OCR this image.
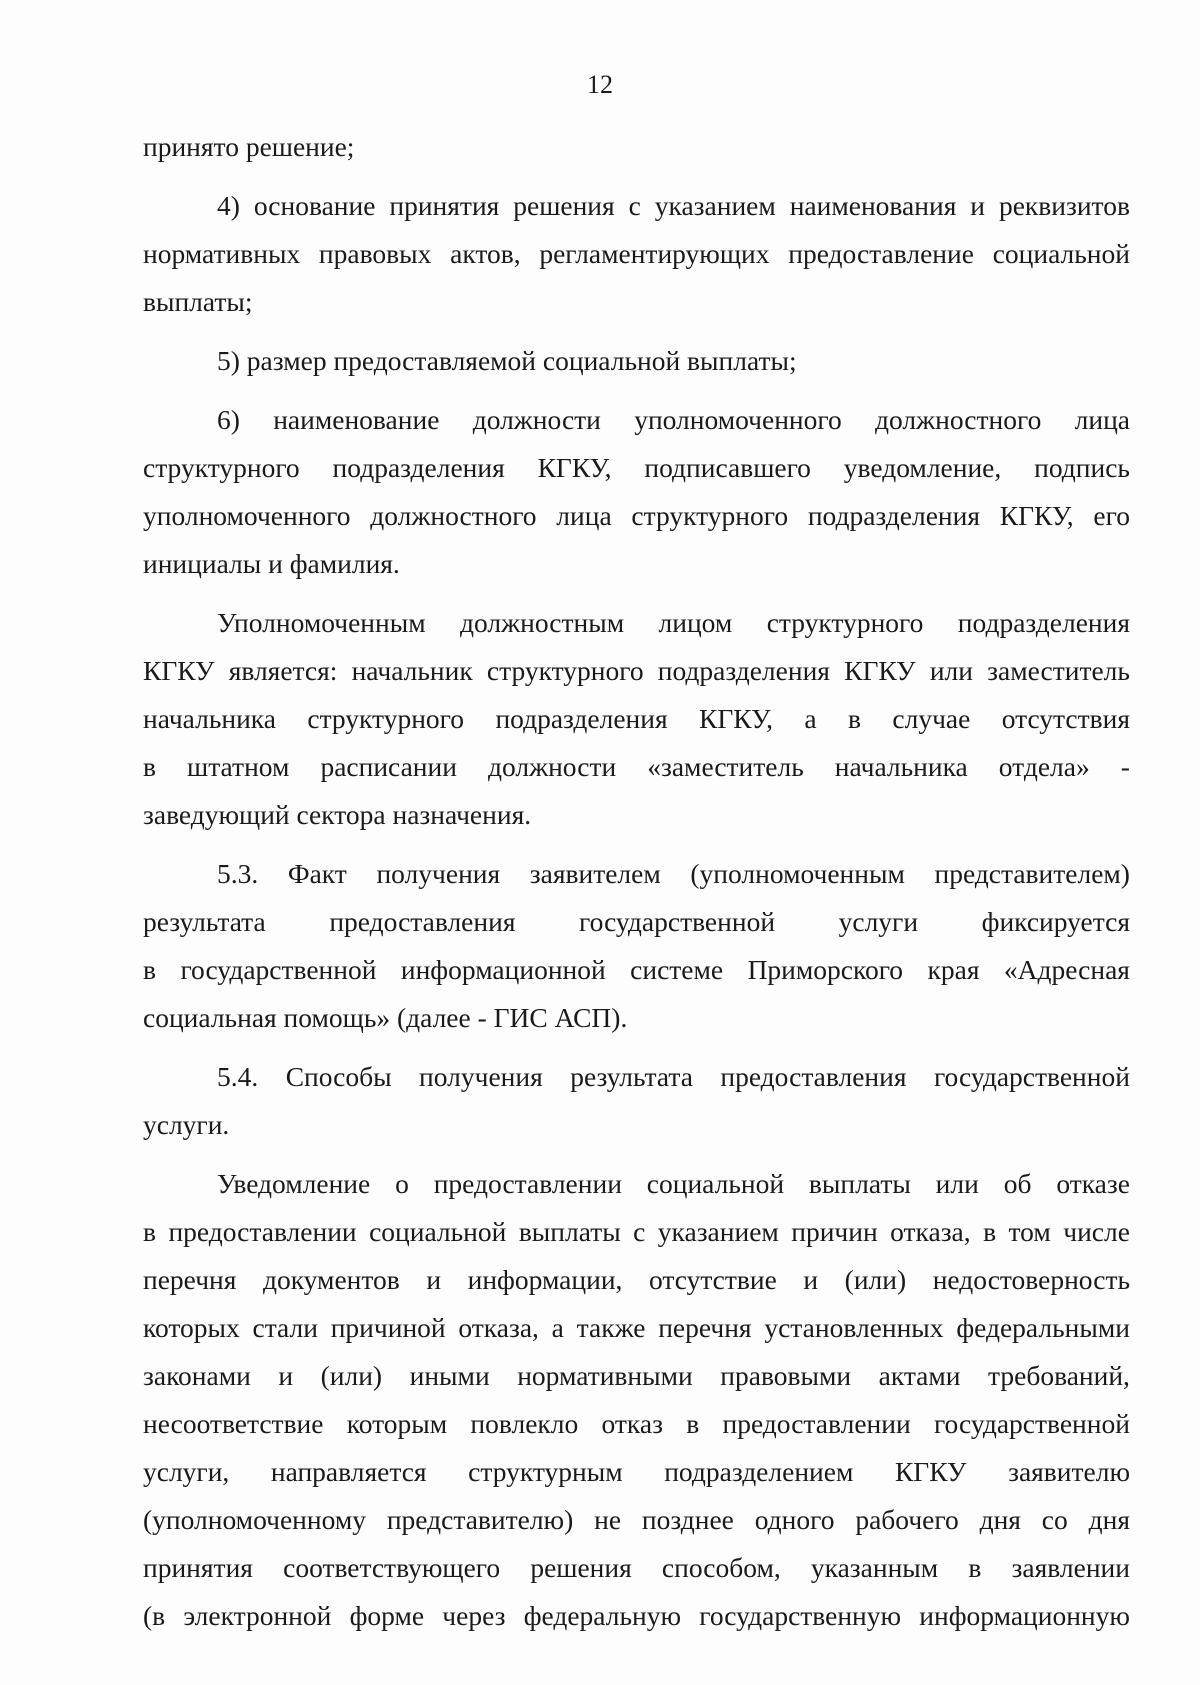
12
принято решение;
4) основание принятия решения с указанием наименования и реквизитов
нормативных правовых актов, регламентирующих предоставление социальной
выплаты;
5) размер предоставляемой социальной выплаты;
6) наименование должности уполномоченного должностного лица
структурного подразделения КГКУ, подписавшего уведомление, подпись
уполномоченного должностного лица структурного подразделения КГКУ, его
инициалы и фамилия.
Уполномоченным должностным лицом структурного подразделения
КГКУ является: начальник структурного подразделения КГКУ или заместитель
начальника структурного подразделения КГКУ, а в случае отсутствия
в штатном расписании должности «заместитель начальника отдела» -
заведующий сектора назначения.
5.3. Факт получения заявителем (уполномоченным представителем)
результата предоставления государственной услуги фиксируется
в государственной информационной системе Приморского края «Адресная
социальная помощь» (далее - ГИС АСП).
5.4. Способы получения результата предоставления государственной
услуги.
Уведомление о предоставлении социальной выплаты или об отказе
в предоставлении социальной выплаты с указанием причин отказа, в том числе
перечня документов и информации, отсутствие и (или) недостоверность
которых стали причиной отказа, а также перечня установленных федеральными
законами и (или) иными нормативными правовыми актами требований,
несоответствие которым повлекло отказ в предоставлении государственной
услуги, направляется структурным подразделением КГКУ заявителю
(уполномоченному представителю) не позднее одного рабочего дня со дня
принятия соответствующего решения способом, указанным в заявлении
(в электронной форме через федеральную государственную информационную
